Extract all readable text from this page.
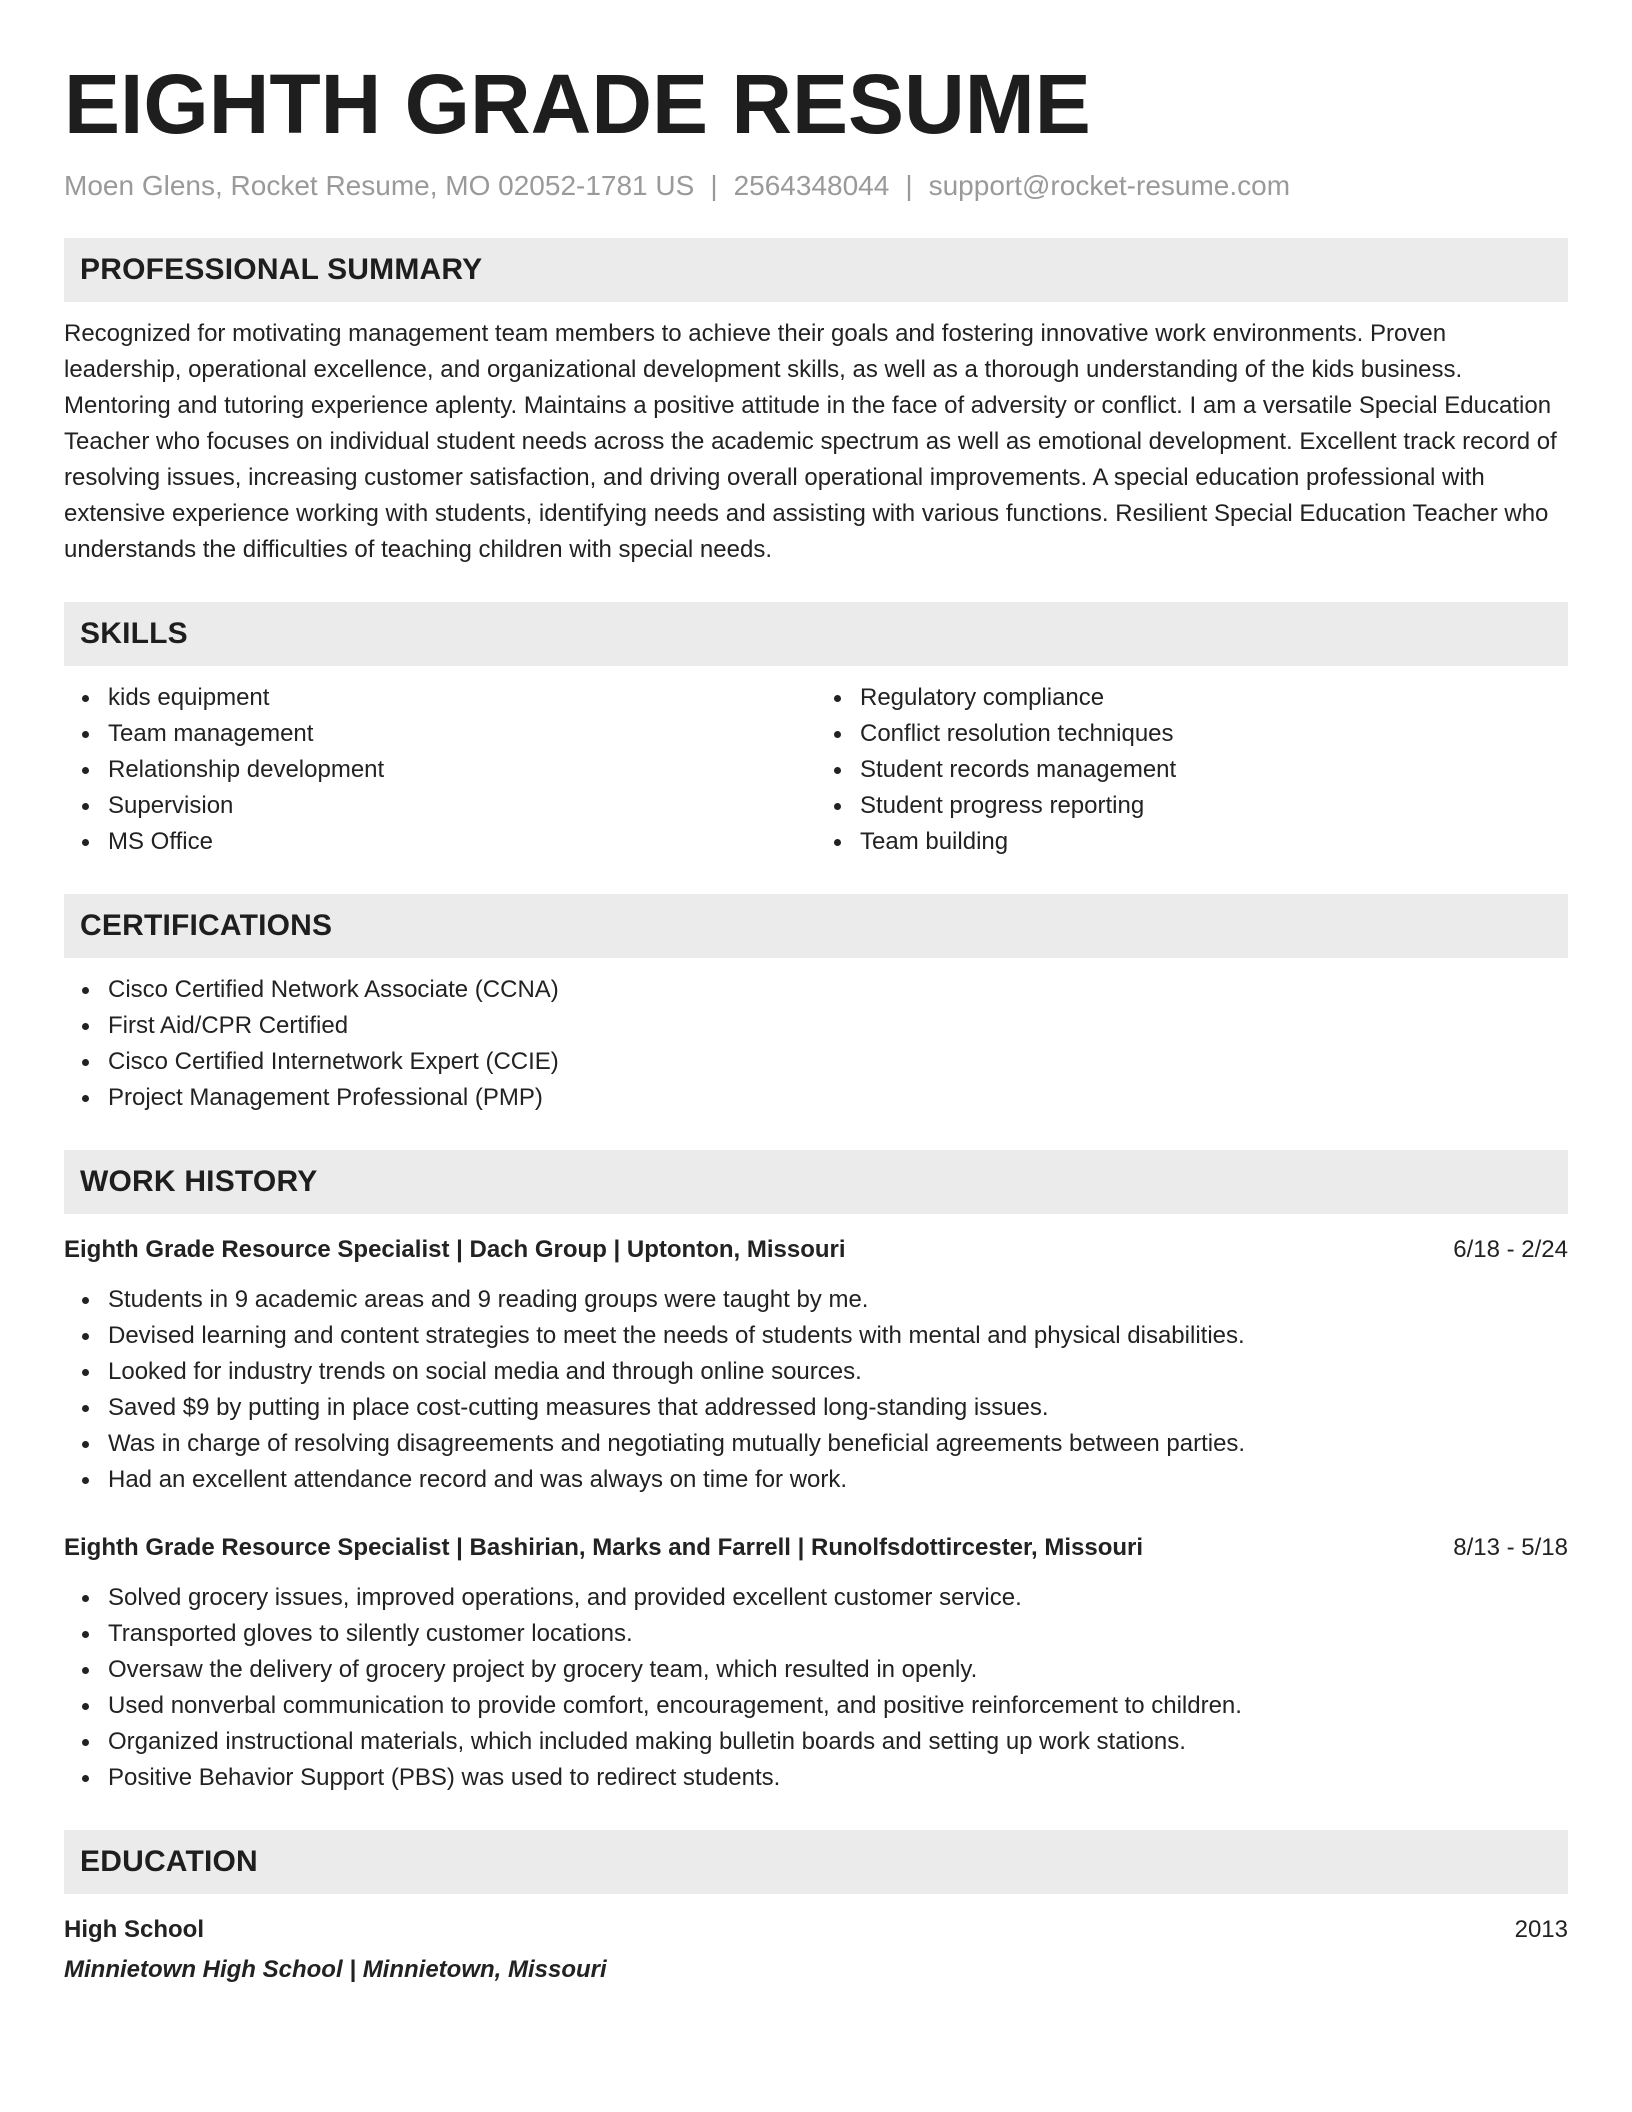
EIGHTH GRADE RESUME
Moen Glens, Rocket Resume, MO 02052-1781 US | 2564348044 | support@rocket-resume.com
PROFESSIONAL SUMMARY

Recognized for motivating management team members to achieve their goals and fostering innovative work environments. Proven leadership, operational excellence, and organizational development skills, as well as a thorough understanding of the kids business. Mentoring and tutoring experience aplenty. Maintains a positive attitude in the face of adversity or conflict. I am a versatile Special Education Teacher who focuses on individual student needs across the academic spectrum as well as emotional development. Excellent track record of resolving issues, increasing customer satisfaction, and driving overall operational improvements. A special education professional with extensive experience working with students, identifying needs and assisting with various functions. Resilient Special Education Teacher who understands the difficulties of teaching children with special needs.

SKILLS
kids equipment
Team management
Relationship development
Supervision
MS Office
Regulatory compliance
Conflict resolution techniques
Student records management
Student progress reporting
Team building
CERTIFICATIONS
Cisco Certified Network Associate (CCNA)
First Aid/CPR Certified
Cisco Certified Internetwork Expert (CCIE)
Project Management Professional (PMP)
WORK HISTORY
Eighth Grade Resource Specialist | Dach Group | Uptonton, Missouri	6/18 - 2/24
Students in 9 academic areas and 9 reading groups were taught by me.
Devised learning and content strategies to meet the needs of students with mental and physical disabilities.
Looked for industry trends on social media and through online sources.
Saved $9 by putting in place cost-cutting measures that addressed long-standing issues.
Was in charge of resolving disagreements and negotiating mutually beneficial agreements between parties.
Had an excellent attendance record and was always on time for work.
Eighth Grade Resource Specialist | Bashirian, Marks and Farrell | Runolfsdottircester, Missouri	8/13 - 5/18
Solved grocery issues, improved operations, and provided excellent customer service.
Transported gloves to silently customer locations.
Oversaw the delivery of grocery project by grocery team, which resulted in openly.
Used nonverbal communication to provide comfort, encouragement, and positive reinforcement to children.
Organized instructional materials, which included making bulletin boards and setting up work stations.
Positive Behavior Support (PBS) was used to redirect students.
EDUCATION
High School	2013
Minnietown High School | Minnietown, Missouri
